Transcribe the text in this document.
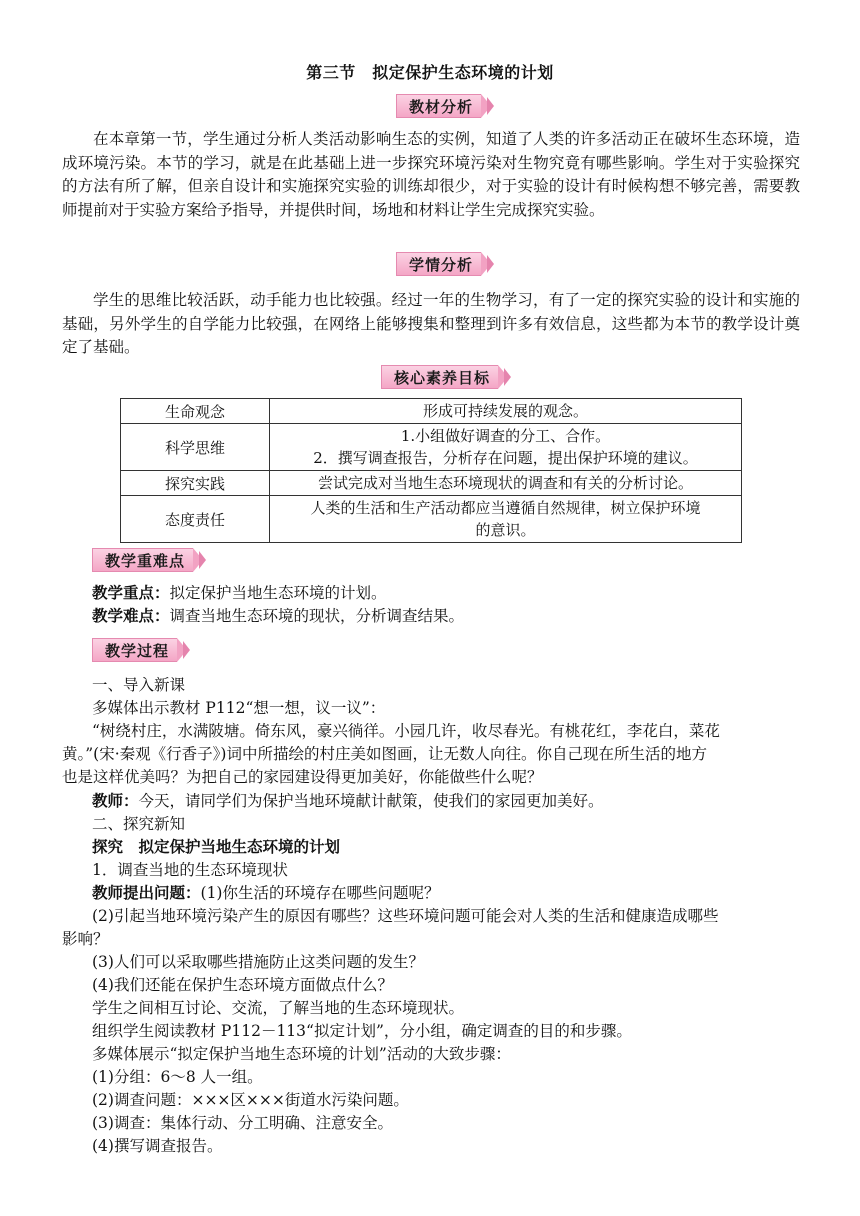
第三节　拟定保护生态环境的计划
教材分析
在本章第一节，学生通过分析人类活动影响生态的实例，知道了人类的许多活动正在破坏生态环境，造成环境污染。本节的学习，就是在此基础上进一步探究环境污染对生物究竟有哪些影响。学生对于实验探究的方法有所了解，但亲自设计和实施探究实验的训练却很少，对于实验的设计有时候构想不够完善，需要教师提前对于实验方案给予指导，并提供时间，场地和材料让学生完成探究实验。
学情分析
学生的思维比较活跃，动手能力也比较强。经过一年的生物学习，有了一定的探究实验的设计和实施的基础，另外学生的自学能力比较强，在网络上能够搜集和整理到许多有效信息，这些都为本节的教学设计奠定了基础。
核心素养目标
生命观念	形成可持续发展的观念。
科学思维	1.小组做好调查的分工、合作。
2．撰写调查报告，分析存在问题，提出保护环境的建议。

探究实践	尝试完成对当地生态环境现状的调查和有关的分析讨论。
态度责任	人类的生活和生产活动都应当遵循自然规律，树立保护环境
的意识。
教学重难点
教学重点：拟定保护当地生态环境的计划。
教学难点：调查当地生态环境的现状，分析调查结果。
教学过程
一、导入新课
多媒体出示教材 P112“想一想，议一议”：
“树绕村庄，水满陂塘。倚东风，豪兴徜徉。小园几许，收尽春光。有桃花红，李花白，菜花
黄。”(宋·秦观《行香子》)词中所描绘的村庄美如图画，让无数人向往。你自己现在所生活的地方
也是这样优美吗？为把自己的家园建设得更加美好，你能做些什么呢？
教师：今天，请同学们为保护当地环境献计献策，使我们的家园更加美好。
二、探究新知
探究　拟定保护当地生态环境的计划
1．调查当地的生态环境现状
教师提出问题：(1)你生活的环境存在哪些问题呢？
(2)引起当地环境污染产生的原因有哪些？这些环境问题可能会对人类的生活和健康造成哪些
影响？
(3)人们可以采取哪些措施防止这类问题的发生？
(4)我们还能在保护生态环境方面做点什么？
学生之间相互讨论、交流，了解当地的生态环境现状。
组织学生阅读教材 P112－113“拟定计划”，分小组，确定调查的目的和步骤。
多媒体展示“拟定保护当地生态环境的计划”活动的大致步骤：
(1)分组：6～8 人一组。
(2)调查问题：×××区×××街道水污染问题。
(3)调查：集体行动、分工明确、注意安全。
(4)撰写调查报告。
